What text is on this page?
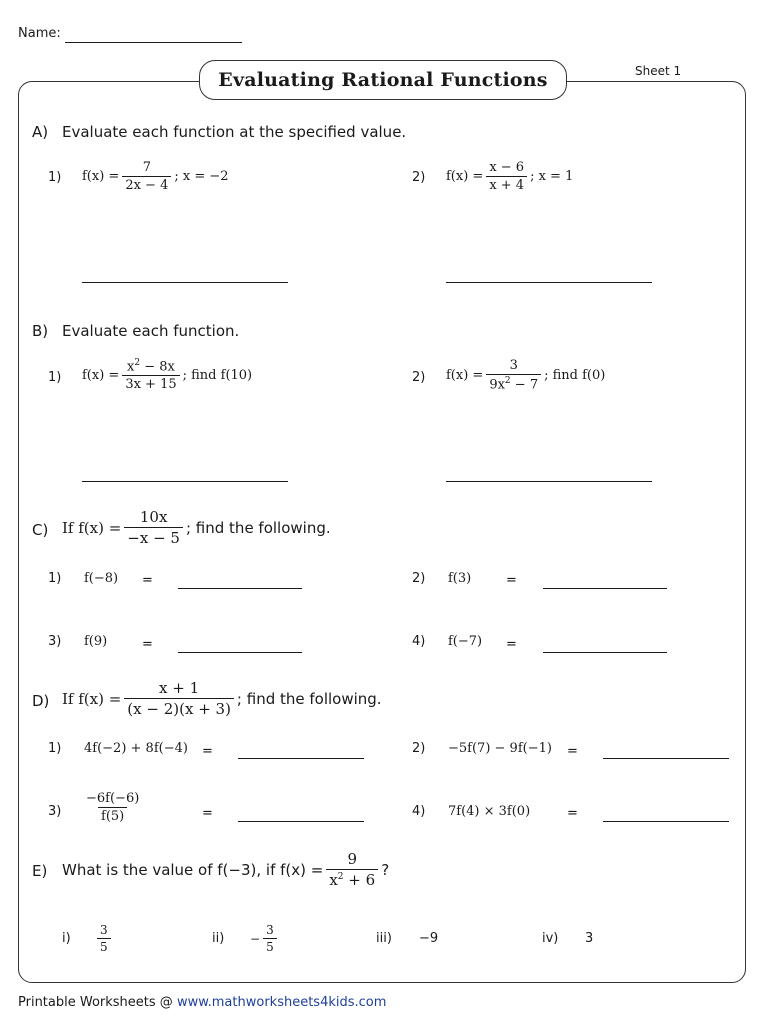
Name:
Sheet 1
Evaluating Rational Functions
A) Evaluate each function at the specified value.
1) $f(x) = \frac{7}{2x - 4}$ ; x = −2	2) $f(x) = \frac{x - 6}{x + 4}$ ; x = 1
B) Evaluate each function.
1) $f(x) = \frac{x^2 - 8x}{3x + 15}$ ; find f(10)	2) $f(x) = \frac{3}{9x^2 - 7}$ ; find f(0)
C) If $f(x) = \frac{10x}{-x - 5}$ ; find the following.
1) f(−8) =	2) f(3)	=
3) f(9)	=	4) f(−7) =
D) If $f(x) = \frac{x + 1}{(x - 2)(x + 3)}$ ; find the following.
1) 4f(−2) + 8f(−4) =	2) −5f(7) − 9f(−1) =
$3) \frac{-6f(-6)}{f(5)}$	=	4) 7f(4) × 3f(0)	=
E) What is the value of f(−3), if $f(x) = \frac{9}{x^2 + 6}$ ?
$i) \frac{3}{5}$	$ii) - \frac{3}{5}$	iii) −9	iv) 3
Printable Worksheets @ www.mathworksheets4kids.com
